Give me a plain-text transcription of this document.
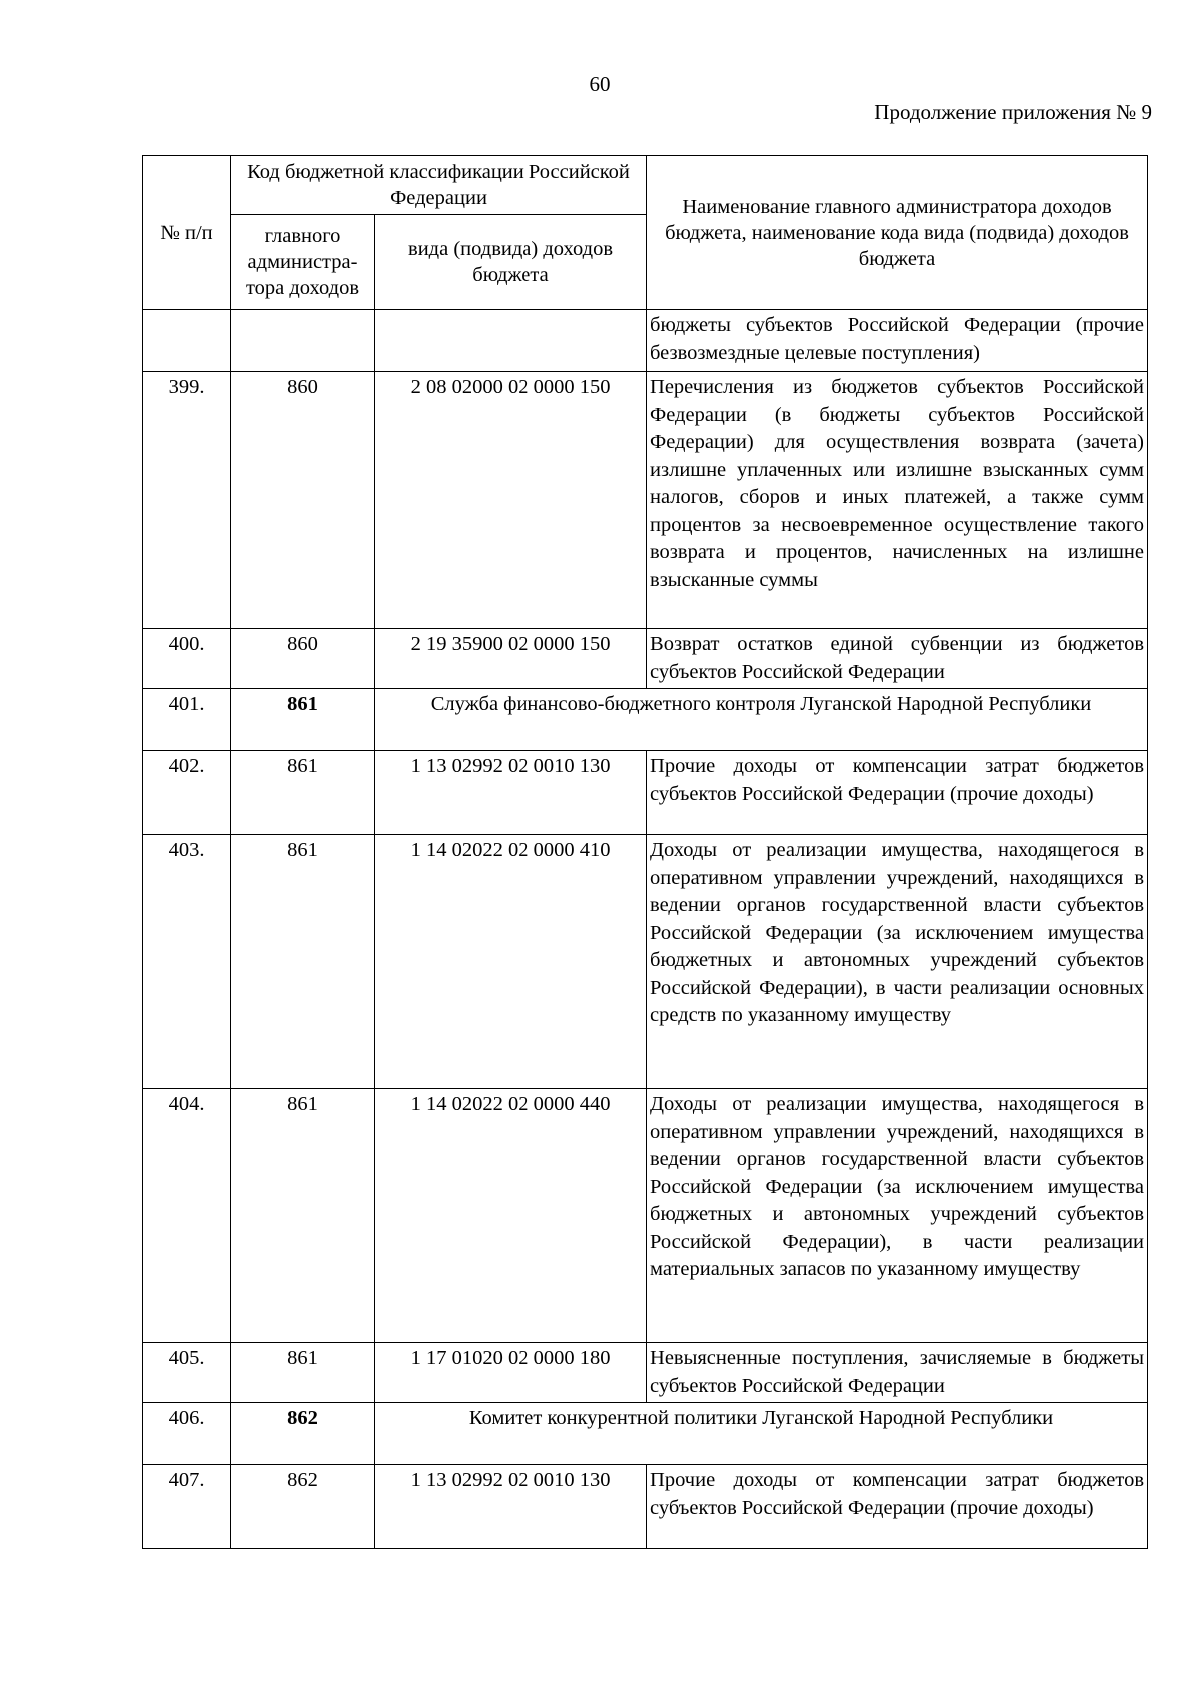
60
Продолжение приложения № 9
№ п/п	Код бюджетной классификации Российской Федерации		Наименование главного администратора доходов бюджета, наименование кода вида (подвида) доходов бюджета
	главного администра-тора доходов	вида (подвида) доходов бюджета	
			бюджеты субъектов Российской Федерации (прочие безвозмездные целевые поступления)
399.	860	2 08 02000 02 0000 150	Перечисления из бюджетов субъектов Российской Федерации (в бюджеты субъектов Российской Федерации) для осуществления возврата (зачета) излишне уплаченных или излишне взысканных сумм налогов, сборов и иных платежей, а также сумм процентов за несвоевременное осуществление такого возврата и процентов, начисленных на излишне взысканные суммы
400.	860	2 19 35900 02 0000 150	Возврат остатков единой субвенции из бюджетов субъектов Российской Федерации
401.	861	Служба финансово-бюджетного контроля Луганской Народной Республики	
402.	861	1 13 02992 02 0010 130	Прочие доходы от компенсации затрат бюджетов субъектов Российской Федерации (прочие доходы)
403.	861	1 14 02022 02 0000 410	Доходы от реализации имущества, находящегося в оперативном управлении учреждений, находящихся в ведении органов государственной власти субъектов Российской Федерации (за исключением имущества бюджетных и автономных учреждений субъектов Российской Федерации), в части реализации основных средств по указанному имуществу
404.	861	1 14 02022 02 0000 440	Доходы от реализации имущества, находящегося в оперативном управлении учреждений, находящихся в ведении органов государственной власти субъектов Российской Федерации (за исключением имущества бюджетных и автономных учреждений субъектов Российской Федерации), в части реализации материальных запасов по указанному имуществу
405.	861	1 17 01020 02 0000 180	Невыясненные поступления, зачисляемые в бюджеты субъектов Российской Федерации
406.	862	Комитет конкурентной политики Луганской Народной Республики	
407.	862	1 13 02992 02 0010 130	Прочие доходы от компенсации затрат бюджетов субъектов Российской Федерации (прочие доходы)
